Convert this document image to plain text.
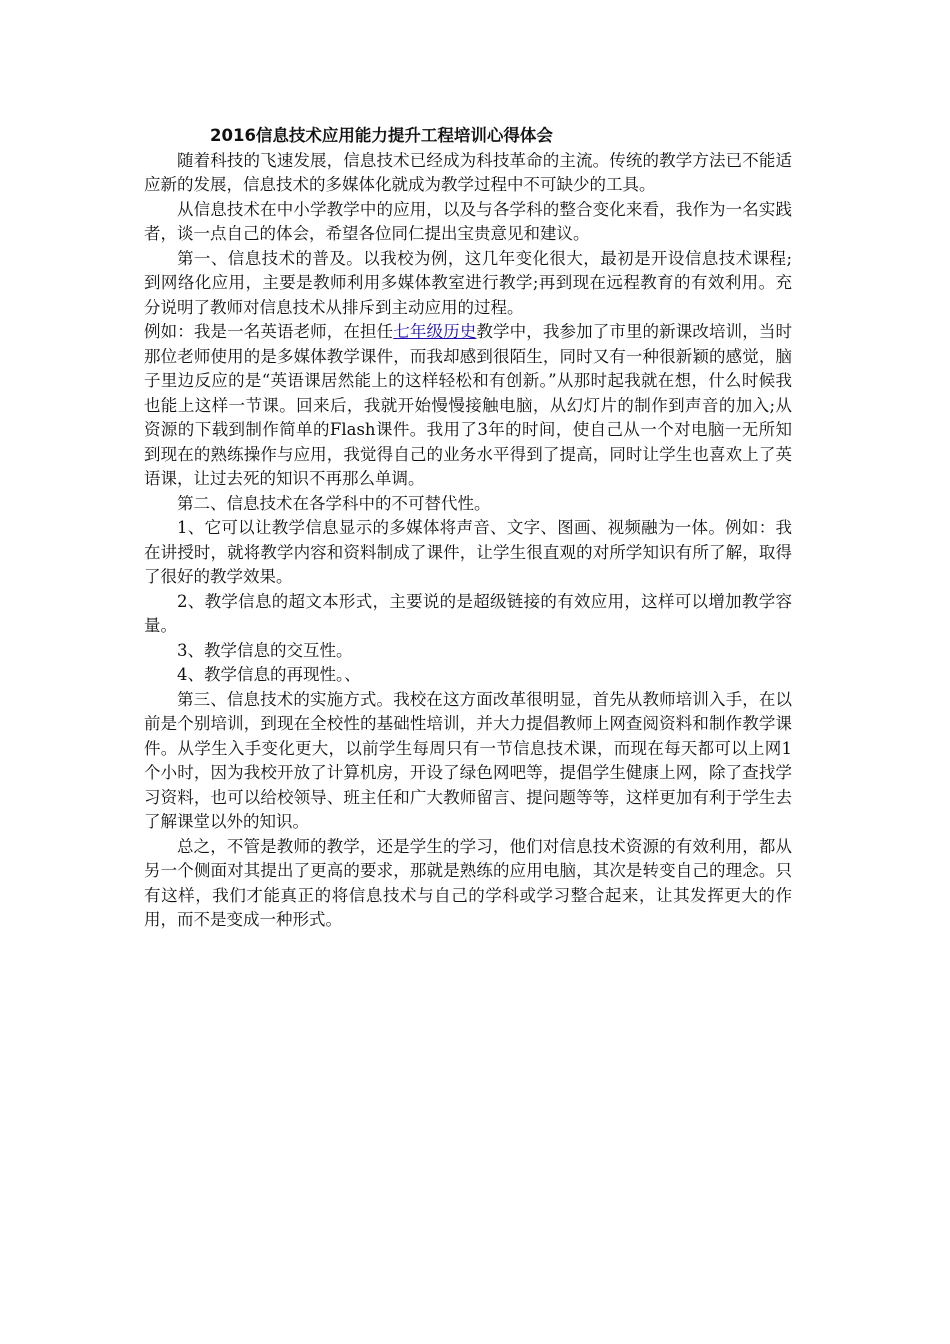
2016信息技术应用能力提升工程培训心得体会

随着科技的飞速发展，信息技术已经成为科技革命的主流。传统的教学方法已不能适应新的发展，信息技术的多媒体化就成为教学过程中不可缺少的工具。

从信息技术在中小学教学中的应用，以及与各学科的整合变化来看，我作为一名实践者，谈一点自己的体会，希望各位同仁提出宝贵意见和建议。

第一、信息技术的普及。以我校为例，这几年变化很大，最初是开设信息技术课程;到网络化应用，主要是教师利用多媒体教室进行教学;再到现在远程教育的有效利用。充分说明了教师对信息技术从排斥到主动应用的过程。

例如：我是一名英语老师，在担任七年级历史教学中，我参加了市里的新课改培训，当时那位老师使用的是多媒体教学课件，而我却感到很陌生，同时又有一种很新颖的感觉，脑子里边反应的是“英语课居然能上的这样轻松和有创新。”从那时起我就在想，什么时候我也能上这样一节课。回来后，我就开始慢慢接触电脑，从幻灯片的制作到声音的加入;从资源的下载到制作简单的Flash课件。我用了3年的时间，使自己从一个对电脑一无所知到现在的熟练操作与应用，我觉得自己的业务水平得到了提高，同时让学生也喜欢上了英语课，让过去死的知识不再那么单调。

第二、信息技术在各学科中的不可替代性。

1、它可以让教学信息显示的多媒体将声音、文字、图画、视频融为一体。例如：我在讲授时，就将教学内容和资料制成了课件，让学生很直观的对所学知识有所了解，取得了很好的教学效果。

2、教学信息的超文本形式，主要说的是超级链接的有效应用，这样可以增加教学容量。

3、教学信息的交互性。

4、教学信息的再现性。、

第三、信息技术的实施方式。我校在这方面改革很明显，首先从教师培训入手，在以前是个别培训，到现在全校性的基础性培训，并大力提倡教师上网查阅资料和制作教学课件。从学生入手变化更大，以前学生每周只有一节信息技术课，而现在每天都可以上网1个小时，因为我校开放了计算机房，开设了绿色网吧等，提倡学生健康上网，除了查找学习资料，也可以给校领导、班主任和广大教师留言、提问题等等，这样更加有利于学生去了解课堂以外的知识。

总之，不管是教师的教学，还是学生的学习，他们对信息技术资源的有效利用，都从另一个侧面对其提出了更高的要求，那就是熟练的应用电脑，其次是转变自己的理念。只有这样，我们才能真正的将信息技术与自己的学科或学习整合起来，让其发挥更大的作用，而不是变成一种形式。
